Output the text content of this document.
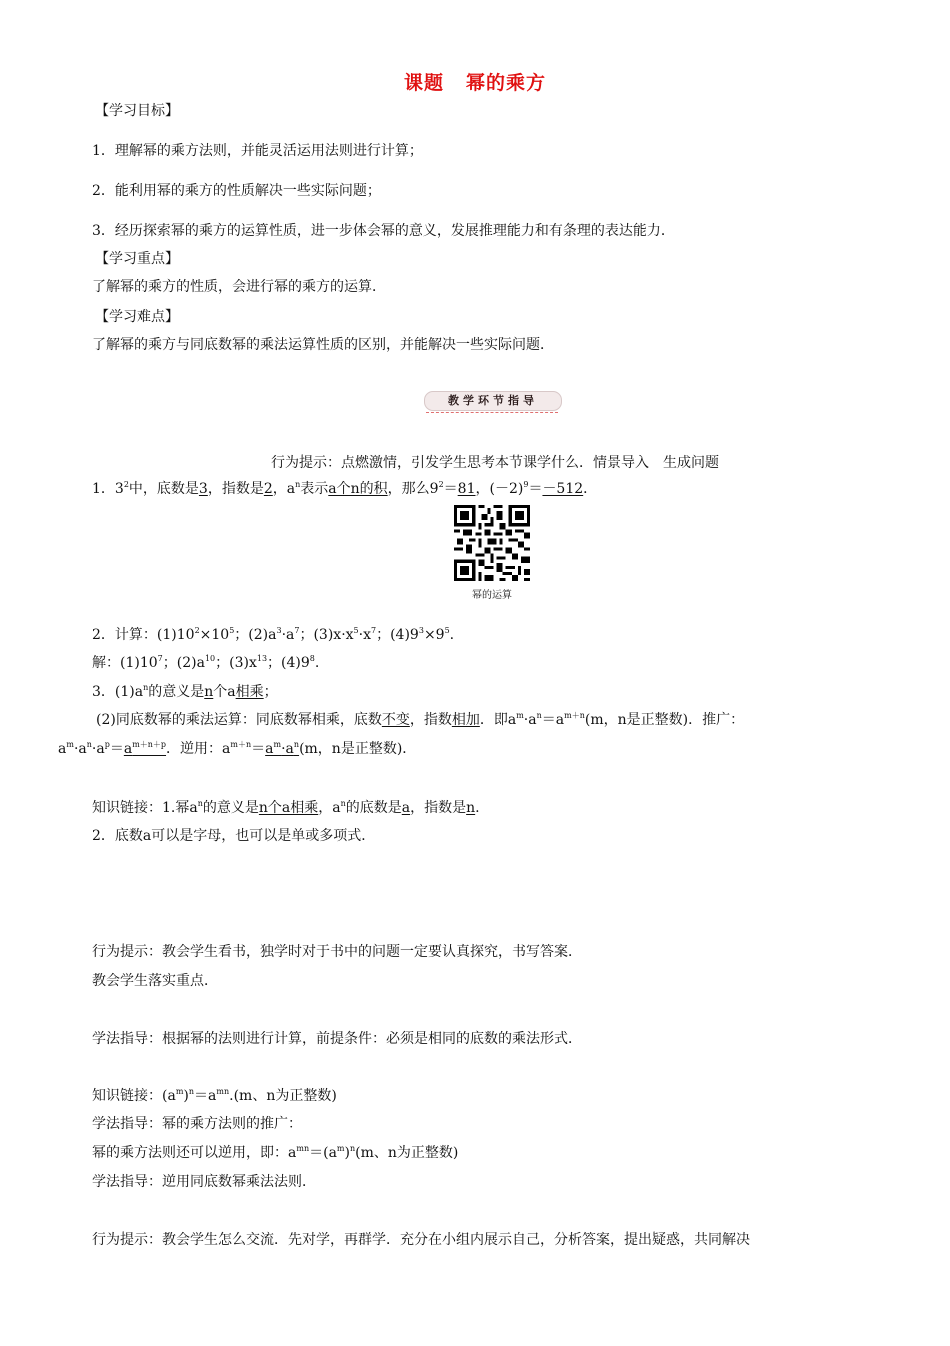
课题 幂的乘方
【学习目标】
1．理解幂的乘方法则，并能灵活运用法则进行计算；
2．能利用幂的乘方的性质解决一些实际问题；
3．经历探索幂的乘方的运算性质，进一步体会幂的意义，发展推理能力和有条理的表达能力．
【学习重点】
了解幂的乘方的性质，会进行幂的乘方的运算．
【学习难点】
了解幂的乘方与同底数幂的乘法运算性质的区别，并能解决一些实际问题．
教学环节指导
行为提示：点燃激情，引发学生思考本节课学什么．情景导入　生成问题
1．$3^2$中，底数是3，指数是2，$a^n$表示a个n的积，那么$9^2=81$，$(-2)^9=-512$．
幂的运算
2．计算：$(1)10^2\times 10^5$；$(2)a^3\cdot a^7$；$(3)x\cdot x^5\cdot x^7$；$(4)9^3\times 9^5$.
解：$(1)10^7$；$(2)a^{10}$；$(3)x^{13}$；$(4)9^8$.
3．$(1)a^n$的意义是n个a相乘；
(2)同底数幂的乘法运算：同底数幂相乘，底数不变，指数相加．即$a^m\cdot a^n=a^{m+n}(m$，n是正整数)．推广：
$a^m\cdot a^n\cdot a^p=a^{m+n+p}$．逆用：$a^{m+n}=a^m\cdot a^n(m$，n是正整数)．
知识链接：1.幂$a^n$的意义是n个a相乘，$a^n$的底数是a，指数是n.
2．底数a可以是字母，也可以是单或多项式．
行为提示：教会学生看书，独学时对于书中的问题一定要认真探究，书写答案．
教会学生落实重点．
学法指导：根据幂的法则进行计算，前提条件：必须是相同的底数的乘法形式．
知识链接：$(a^m)^n=a^{mn}.(m$、n为正整数)
学法指导：幂的乘方法则的推广：
幂的乘方法则还可以逆用，即：$a^{mn}=(a^m)^n(m$、n为正整数)
学法指导：逆用同底数幂乘法法则．
行为提示：教会学生怎么交流．先对学，再群学．充分在小组内展示自己，分析答案，提出疑惑，共同解决
